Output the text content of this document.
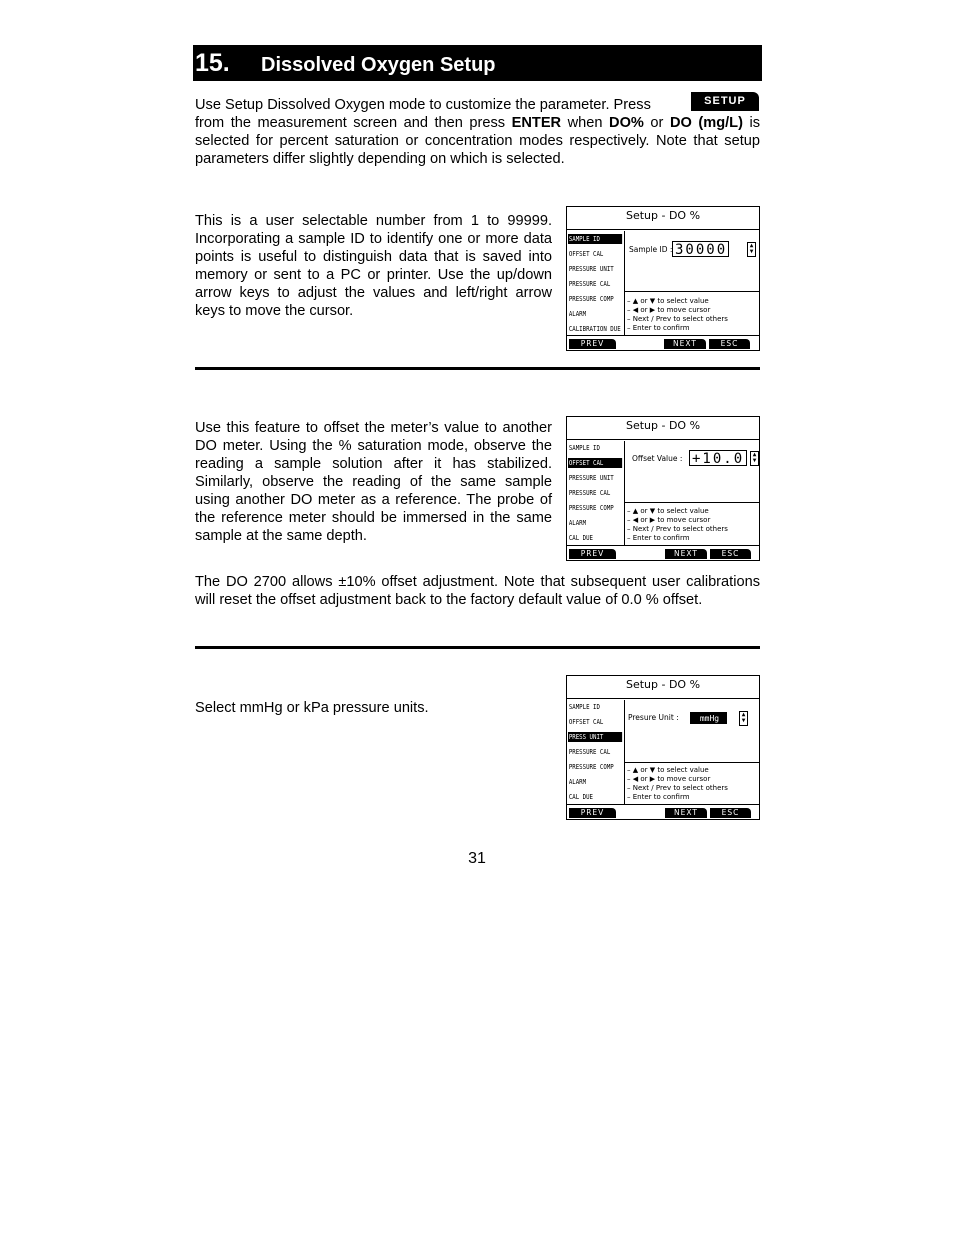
15.	Dissolved Oxygen Setup

Use Setup Dissolved Oxygen mode to customize the parameter. Press	SETUP

from the measurement screen and then press ENTER when DO% or DO (mg/L) is selected for percent saturation or concentration modes respectively. Note that setup parameters differ slightly depending on which is selected.

This is a user selectable number from 1 to 99999. Incorporating a sample ID to identify one or more data points is useful to distinguish data that is saved into memory or sent to a PC or printer. Use the up/down arrow keys to adjust the values and left/right arrow keys to move the cursor.

Setup - DO %
SAMPLE ID
OFFSET CAL
PRESSURE UNIT
PRESSURE CAL
PRESSURE COMP
ALARM
CALIBRATION DUE
Sample ID : 30000	▲
▼
– ▲ or ▼ to select value
– ◀ or ▶ to move cursor
– Next / Prev to select others
– Enter to confirm
PREV	NEXT	ESC

Use this feature to offset the meter’s value to another DO meter. Using the % saturation mode, observe the reading a sample solution after it has stabilized. Similarly, observe the reading of the same sample using another DO meter as a reference. The probe of the reference meter should be immersed in the same sample at the same depth.

Setup - DO %
SAMPLE ID
OFFSET CAL
PRESSURE UNIT
PRESSURE CAL
PRESSURE COMP
ALARM
CAL DUE
Offset Value : +10.0	▲
▼
– ▲ or ▼ to select value
– ◀ or ▶ to move cursor
– Next / Prev to select others
– Enter to confirm
PREV	NEXT	ESC

The DO 2700 allows ±10% offset adjustment. Note that subsequent user calibrations will reset the offset adjustment back to the factory default value of 0.0 % offset.

Select mmHg or kPa pressure units.

Setup - DO %
SAMPLE ID
OFFSET CAL
PRESS UNIT
PRESSURE CAL
PRESSURE COMP
ALARM
CAL DUE
Presure Unit :	mmHg	▲
▼
– ▲ or ▼ to select value
– ◀ or ▶ to move cursor
– Next / Prev to select others
– Enter to confirm
PREV	NEXT	ESC
31
